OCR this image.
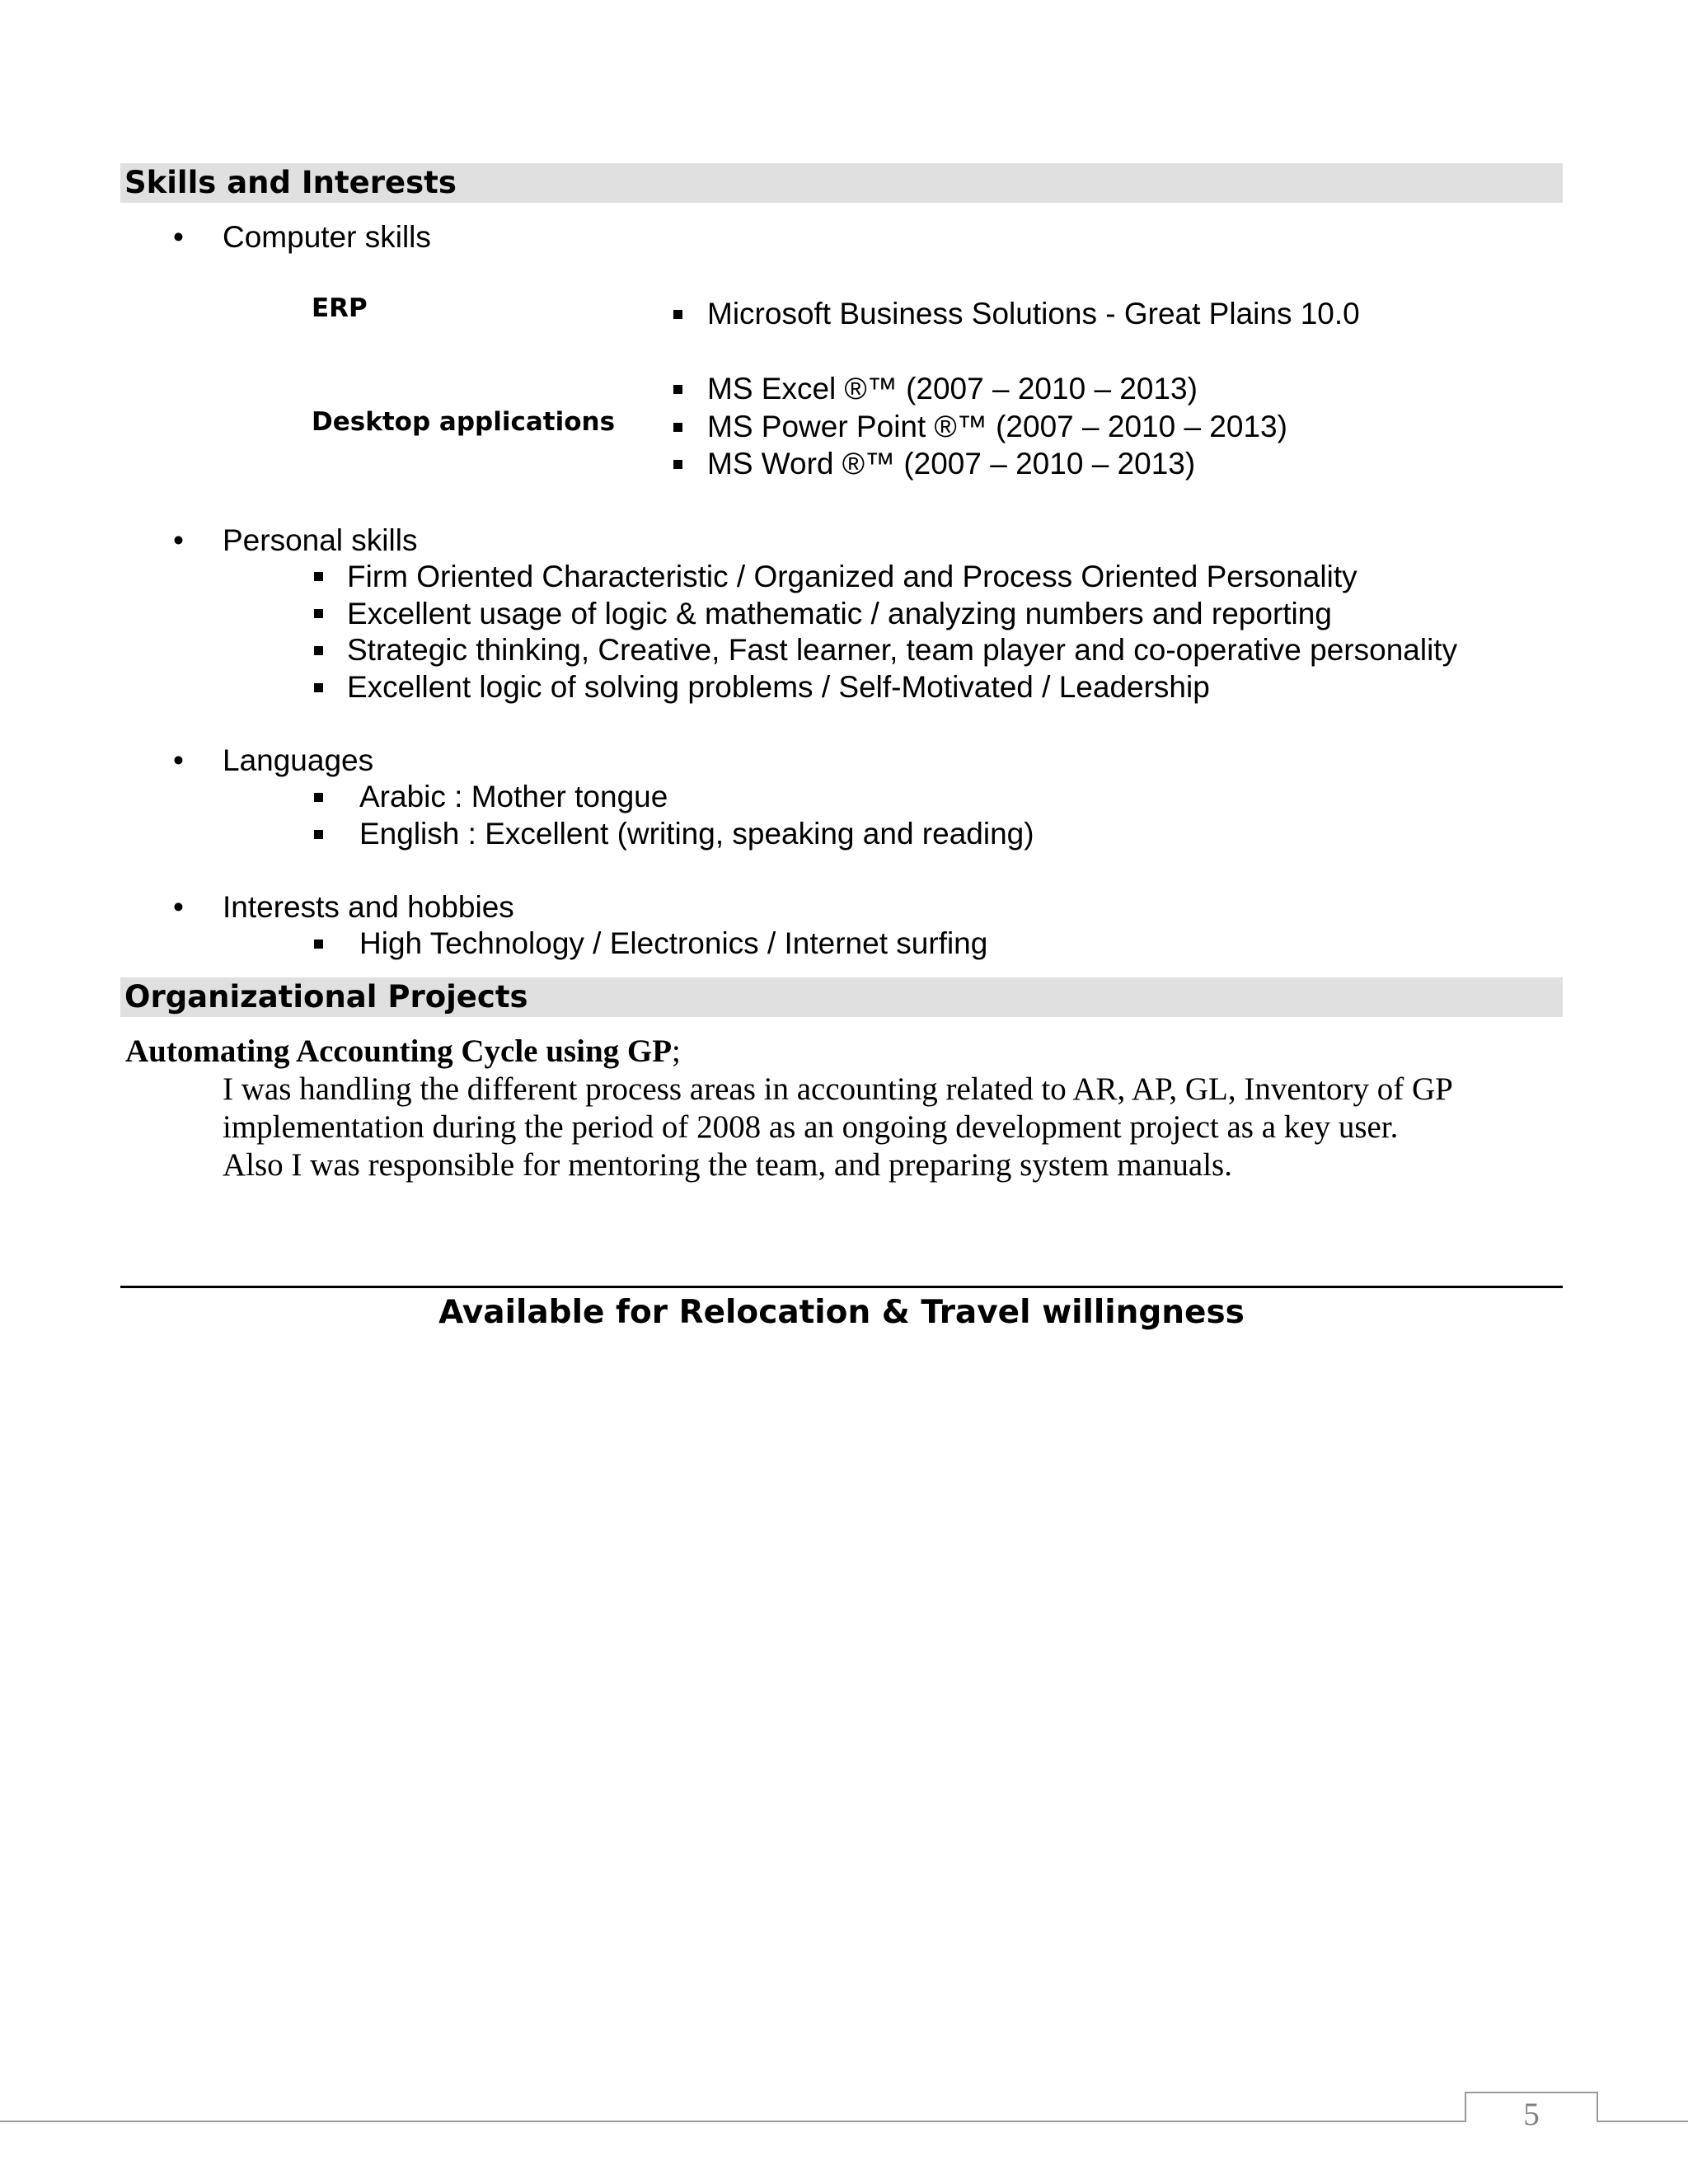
Skills and Interests
• Computer skills
ERP	Microsoft Business Solutions - Great Plains 10.0
Desktop applications
MS Excel ®™ (2007 – 2010 – 2013)
MS Power Point ®™ (2007 – 2010 – 2013)
MS Word ®™ (2007 – 2010 – 2013)
• Personal skills
Firm Oriented Characteristic / Organized and Process Oriented Personality
Excellent usage of logic & mathematic / analyzing numbers and reporting
Strategic thinking, Creative, Fast learner, team player and co-operative personality
Excellent logic of solving problems / Self-Motivated / Leadership
• Languages
Arabic : Mother tongue
English : Excellent (writing, speaking and reading)
• Interests and hobbies
High Technology / Electronics / Internet surfing
Organizational Projects
Automating Accounting Cycle using GP;
I was handling the different process areas in accounting related to AR, AP, GL, Inventory of GP
implementation during the period of 2008 as an ongoing development project as a key user.
Also I was responsible for mentoring the team, and preparing system manuals.
Available for Relocation & Travel willingness
5
